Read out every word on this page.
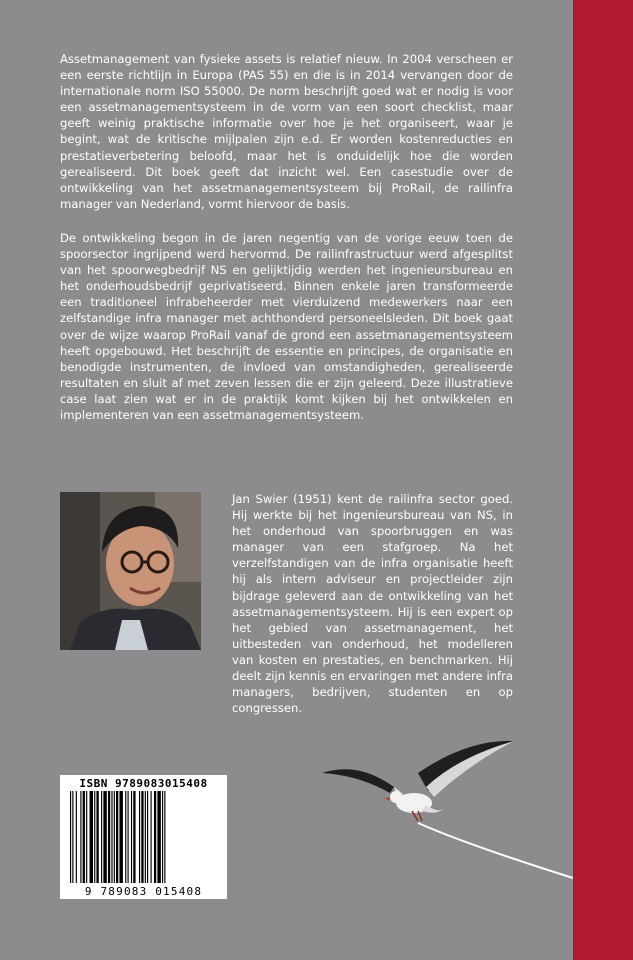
Assetmanagement van fysieke assets is relatief nieuw. In 2004 verscheen er een eerste richtlijn in Europa (PAS 55) en die is in 2014 vervangen door de internationale norm ISO 55000. De norm beschrijft goed wat er nodig is voor een assetmanagementsysteem in de vorm van een soort checklist, maar geeft weinig praktische informatie over hoe je het organiseert, waar je begint, wat de kritische mijlpalen zijn e.d. Er worden kostenreducties en prestatieverbetering beloofd, maar het is onduidelijk hoe die worden gerealiseerd. Dit boek geeft dat inzicht wel. Een casestudie over de ontwikkeling van het assetmanagementsysteem bij ProRail, de railinfra manager van Nederland, vormt hiervoor de basis.

De ontwikkeling begon in de jaren negentig van de vorige eeuw toen de spoorsector ingrijpend werd hervormd. De railinfrastructuur werd afgesplitst van het spoorwegbedrijf NS en gelijktijdig werden het ingenieursbureau en het onderhoudsbedrijf geprivatiseerd. Binnen enkele jaren transformeerde een traditioneel infrabeheerder met vierduizend medewerkers naar een zelfstandige infra manager met achthonderd personeelsleden. Dit boek gaat over de wijze waarop ProRail vanaf de grond een assetmanagementsysteem heeft opgebouwd. Het beschrijft de essentie en principes, de organisatie en benodigde instrumenten, de invloed van omstandigheden, gerealiseerde resultaten en sluit af met zeven lessen die er zijn geleerd. Deze illustratieve case laat zien wat er in de praktijk komt kijken bij het ontwikkelen en implementeren van een assetmanagementsysteem.

Jan Swier (1951) kent de railinfra sector goed. Hij werkte bij het ingenieursbureau van NS, in het onderhoud van spoorbruggen en was manager van een stafgroep. Na het verzelfstandigen van de infra organisatie heeft hij als intern adviseur en projectleider zijn bijdrage geleverd aan de ontwikkeling van het assetmanagementsysteem. Hij is een expert op het gebied van assetmanagement, het uitbesteden van onderhoud, het modelleren van kosten en prestaties, en benchmarken. Hij deelt zijn kennis en ervaringen met andere infra managers, bedrijven, studenten en op congressen.

ISBN 9789083015408
9 789083 015408
